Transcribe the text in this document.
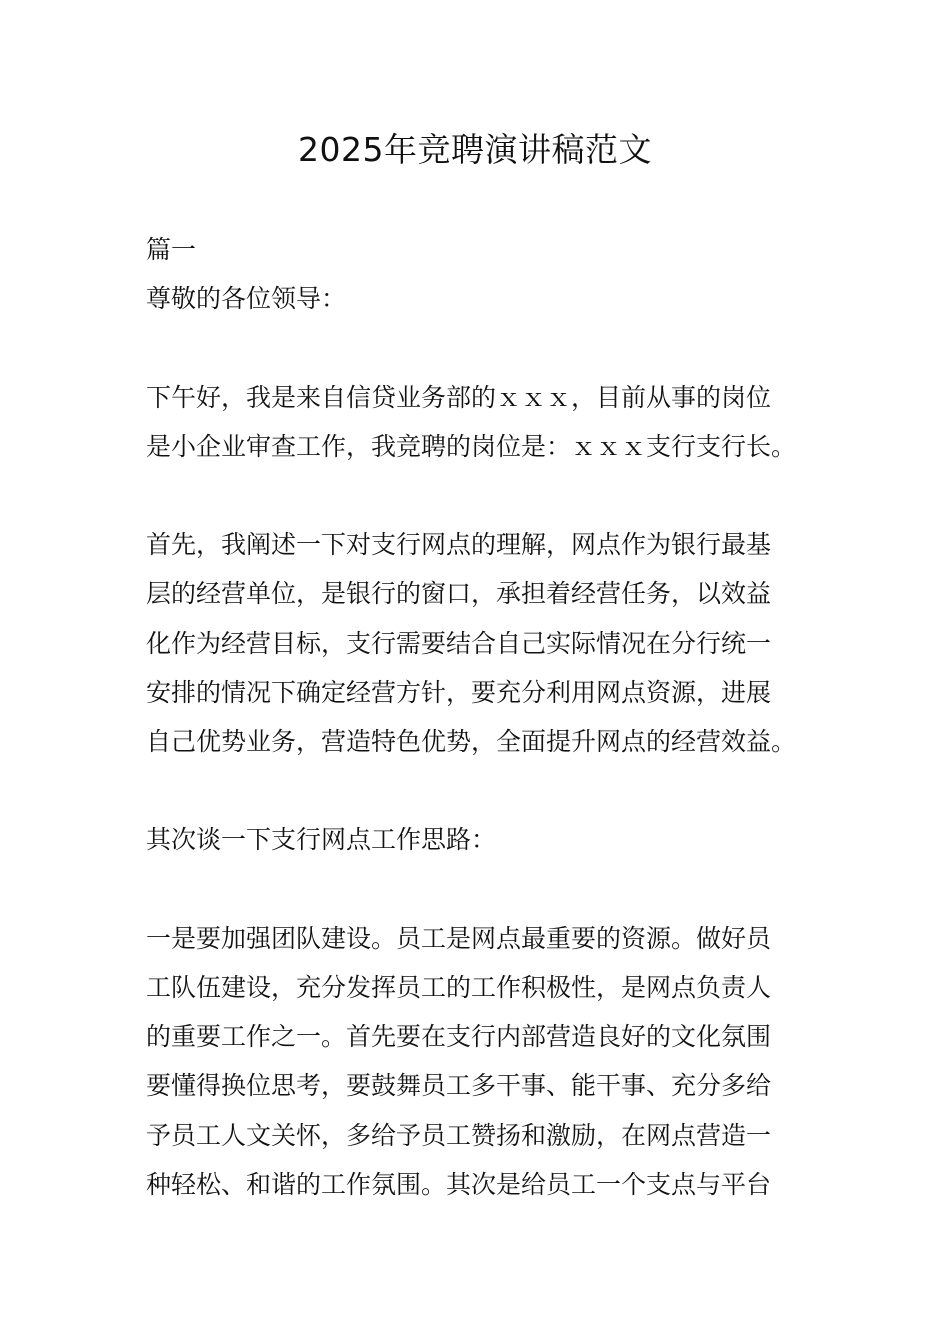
2025年竞聘演讲稿范文

篇一

尊敬的各位领导：

下午好，我是来自信贷业务部的ｘｘｘ，目前从事的岗位

是小企业审查工作，我竞聘的岗位是：ｘｘｘ支行支行长。

首先，我阐述一下对支行网点的理解，网点作为银行最基

层的经营单位，是银行的窗口，承担着经营任务，以效益

化作为经营目标，支行需要结合自己实际情况在分行统一

安排的情况下确定经营方针，要充分利用网点资源，进展

自己优势业务，营造特色优势，全面提升网点的经营效益。

其次谈一下支行网点工作思路：

一是要加强团队建设。员工是网点最重要的资源。做好员

工队伍建设，充分发挥员工的工作积极性，是网点负责人

的重要工作之一。首先要在支行内部营造良好的文化氛围

要懂得换位思考，要鼓舞员工多干事、能干事、充分多给

予员工人文关怀，多给予员工赞扬和激励，在网点营造一

种轻松、和谐的工作氛围。其次是给员工一个支点与平台
